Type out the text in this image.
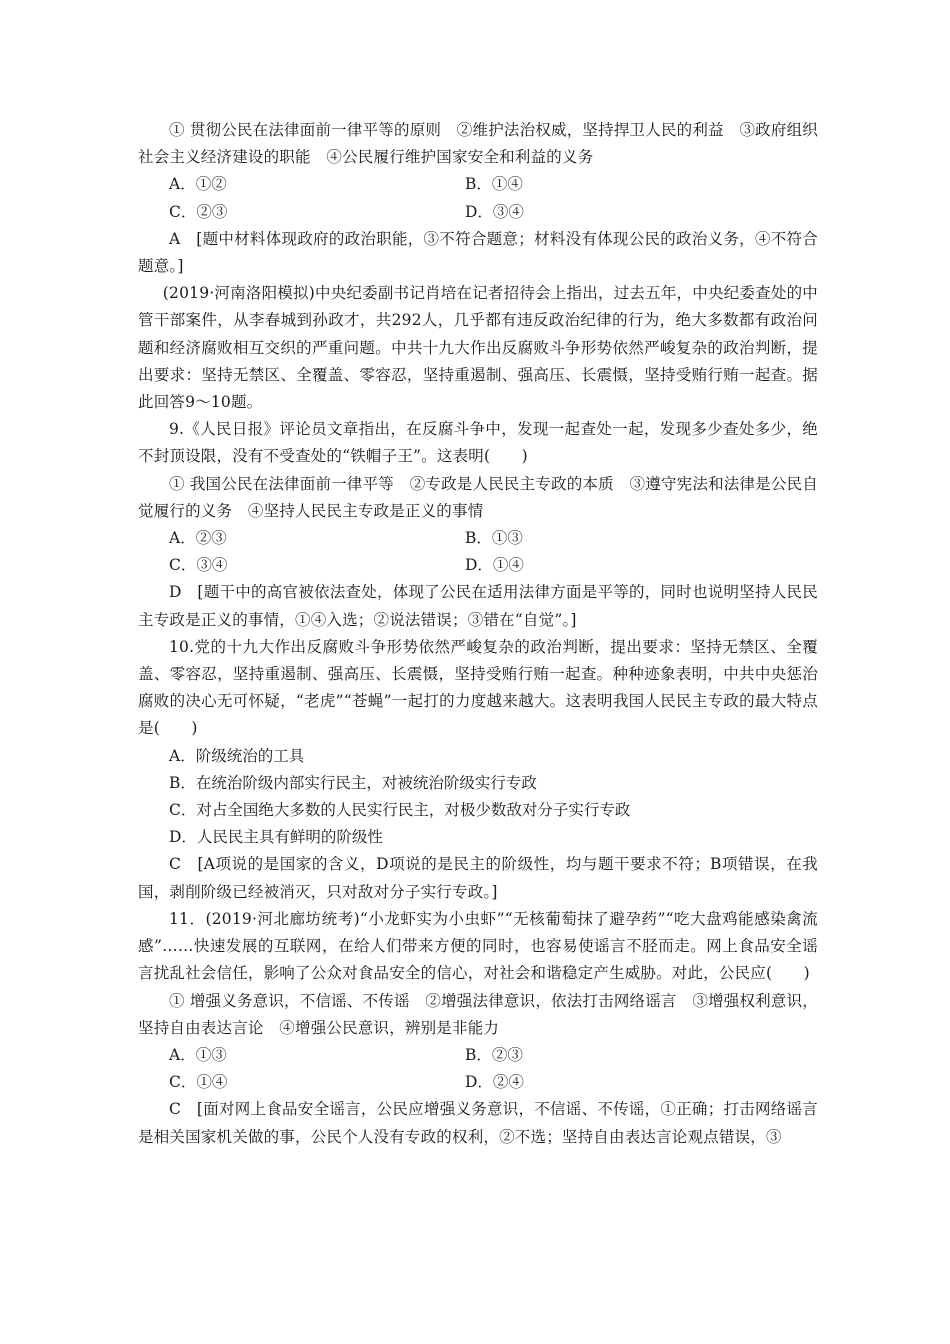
① 贯彻公民在法律面前一律平等的原则　②维护法治权威，坚持捍卫人民的利益　③政府组织社会主义经济建设的职能　④公民履行维护国家安全和利益的义务

A．①②	B．①④
C．②③	D．③④

A　[题中材料体现政府的政治职能，③不符合题意；材料没有体现公民的政治义务，④不符合题意。]

(2019·河南洛阳模拟)中央纪委副书记肖培在记者招待会上指出，过去五年，中央纪委查处的中管干部案件，从李春城到孙政才，共292人，几乎都有违反政治纪律的行为，绝大多数都有政治问题和经济腐败相互交织的严重问题。中共十九大作出反腐败斗争形势依然严峻复杂的政治判断，提出要求：坚持无禁区、全覆盖、零容忍，坚持重遏制、强高压、长震慑，坚持受贿行贿一起查。据此回答9～10题。

9.《人民日报》评论员文章指出，在反腐斗争中，发现一起查处一起，发现多少查处多少，绝不封顶设限，没有不受查处的“铁帽子王”。这表明(　　)

① 我国公民在法律面前一律平等　②专政是人民民主专政的本质　③遵守宪法和法律是公民自觉履行的义务　④坚持人民民主专政是正义的事情

A．②③	B．①③
C．③④	D．①④

D　[题干中的高官被依法查处，体现了公民在适用法律方面是平等的，同时也说明坚持人民民主专政是正义的事情，①④入选；②说法错误；③错在“自觉”。]

10.党的十九大作出反腐败斗争形势依然严峻复杂的政治判断，提出要求：坚持无禁区、全覆盖、零容忍，坚持重遏制、强高压、长震慑，坚持受贿行贿一起查。种种迹象表明，中共中央惩治腐败的决心无可怀疑，“老虎”“苍蝇”一起打的力度越来越大。这表明我国人民民主专政的最大特点是(　　)

A．阶级统治的工具

B．在统治阶级内部实行民主，对被统治阶级实行专政

C．对占全国绝大多数的人民实行民主，对极少数敌对分子实行专政

D．人民民主具有鲜明的阶级性

C　[A项说的是国家的含义，D项说的是民主的阶级性，均与题干要求不符；B项错误，在我国，剥削阶级已经被消灭，只对敌对分子实行专政。]

11．(2019·河北廊坊统考)“小龙虾实为小虫虾”“无核葡萄抹了避孕药”“吃大盘鸡能感染禽流感”……快速发展的互联网，在给人们带来方便的同时，也容易使谣言不胫而走。网上食品安全谣言扰乱社会信任，影响了公众对食品安全的信心，对社会和谐稳定产生威胁。对此，公民应(　　)

① 增强义务意识，不信谣、不传谣　②增强法律意识，依法打击网络谣言　③增强权利意识，坚持自由表达言论　④增强公民意识，辨别是非能力

A．①③	B．②③
C．①④	D．②④

C　[面对网上食品安全谣言，公民应增强义务意识，不信谣、不传谣，①正确；打击网络谣言是相关国家机关做的事，公民个人没有专政的权利，②不选；坚持自由表达言论观点错误，③
